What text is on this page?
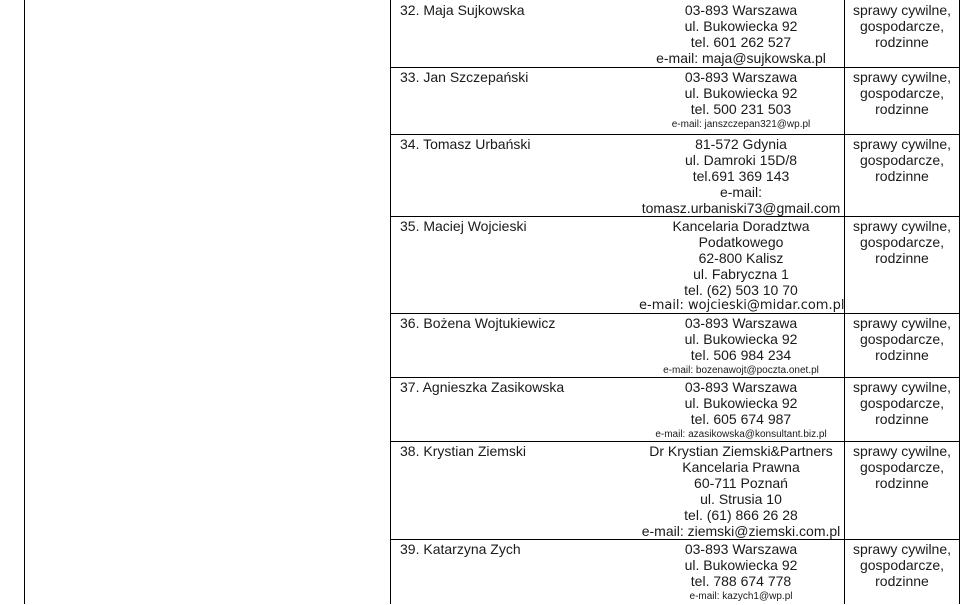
32. Maja Sujkowska	03-893 Warszawa
ul. Bukowiecka 92
tel. 601 262 527
e-mail: maja@sujkowska.pl
sprawy cywilne,
gospodarcze,
rodzinne
33. Jan Szczepański	03-893 Warszawa
ul. Bukowiecka 92
tel. 500 231 503
e-mail: janszczepan321@wp.pl
sprawy cywilne,
gospodarcze,
rodzinne
34. Tomasz Urbański	81-572 Gdynia
ul. Damroki 15D/8
tel.691 369 143
e-mail:
tomasz.urbaniski73@gmail.com
sprawy cywilne,
gospodarcze,
rodzinne
35. Maciej Wojcieski	Kancelaria Doradztwa
Podatkowego
62-800 Kalisz
ul. Fabryczna 1
tel. (62) 503 10 70
e-mail: wojcieski@midar.com.pl
sprawy cywilne,
gospodarcze,
rodzinne
36. Bożena Wojtukiewicz	03-893 Warszawa
ul. Bukowiecka 92
tel. 506 984 234
e-mail: bozenawojt@poczta.onet.pl
sprawy cywilne,
gospodarcze,
rodzinne
37. Agnieszka Zasikowska	03-893 Warszawa
ul. Bukowiecka 92
tel. 605 674 987
e-mail: azasikowska@konsultant.biz.pl
sprawy cywilne,
gospodarcze,
rodzinne
38. Krystian Ziemski	Dr Krystian Ziemski&Partners
Kancelaria Prawna
60-711 Poznań
ul. Strusia 10
tel. (61) 866 26 28
e-mail: ziemski@ziemski.com.pl
sprawy cywilne,
gospodarcze,
rodzinne
39. Katarzyna Zych	03-893 Warszawa
ul. Bukowiecka 92
tel. 788 674 778
e-mail: kazych1@wp.pl
sprawy cywilne,
gospodarcze,
rodzinne
